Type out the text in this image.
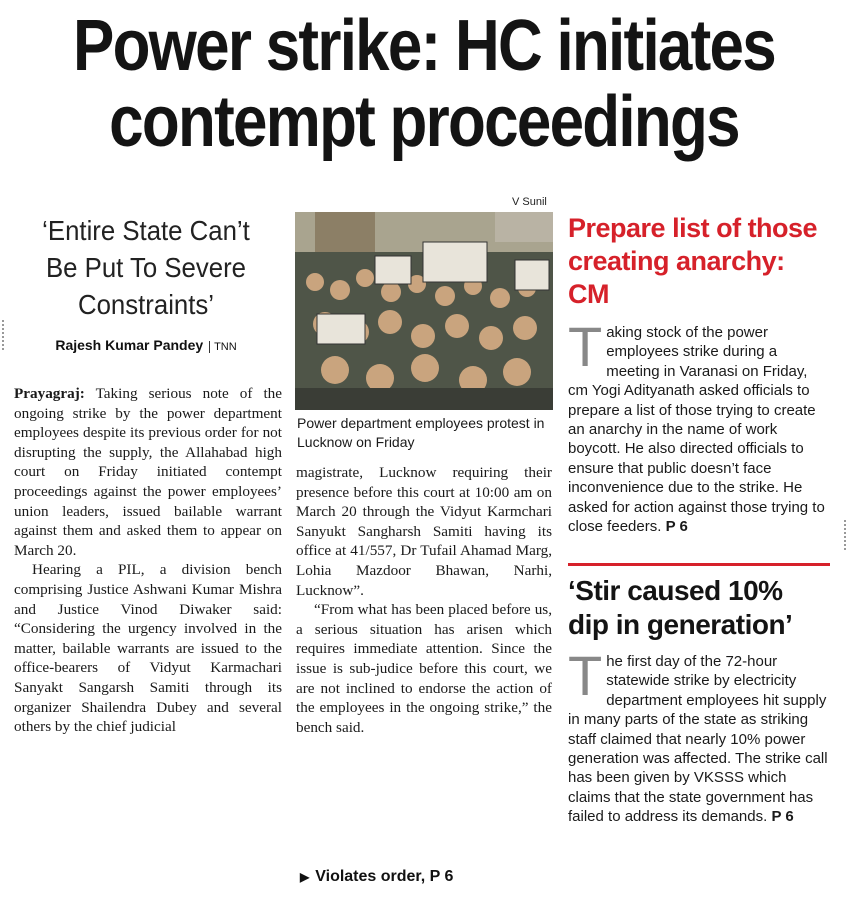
Power strike: HC initiates
contempt proceedings
‘Entire State Can’t
Be Put To Severe
Constraints’
Rajesh Kumar Pandey TNN

Prayagraj: Taking serious note of the ongoing strike by the power department employees despite its previous order for not disrupting the supply, the Allahabad high court on Friday initiated contempt proceedings against the power employees’ union leaders, issued bailable warrant against them and asked them to appear on March 20.

Hearing a PIL, a division bench comprising Justice Ashwani Kumar Mishra and Justice Vinod Diwaker said: “Considering the urgency involved in the matter, bailable warrants are issued to the office-bearers of Vidyut Karmachari Sanyakt Sangarsh Samiti through its organizer Shailendra Dubey and several others by the chief judicial

V Sunil
Power department employees protest in Lucknow on Friday

magistrate, Lucknow requiring their presence before this court at 10:00 am on March 20 through the Vidyut Karmchari Sanyukt Sangharsh Samiti having its office at 41/557, Dr Tufail Ahamad Marg, Lohia Mazdoor Bhawan, Narhi, Lucknow”.

“From what has been placed before us, a serious situation has arisen which requires immediate attention. Since the issue is sub-judice before this court, we are not inclined to endorse the action of the employees in the ongoing strike,” the bench said.

▶ Violates order, P 6
Prepare list of those creating anarchy: CM
Taking stock of the power employees strike during a meeting in Varanasi on Friday, cm Yogi Adityanath asked officials to prepare a list of those trying to create an anarchy in the name of work boycott. He also directed officials to ensure that public doesn’t face inconvenience due to the strike. He asked for action against those trying to close feeders. P 6
‘Stir caused 10% dip in generation’
The first day of the 72-hour statewide strike by electricity department employees hit supply in many parts of the state as striking staff claimed that nearly 10% power generation was affected. The strike call has been given by VKSSS which claims that the state government has failed to address its demands. P 6
